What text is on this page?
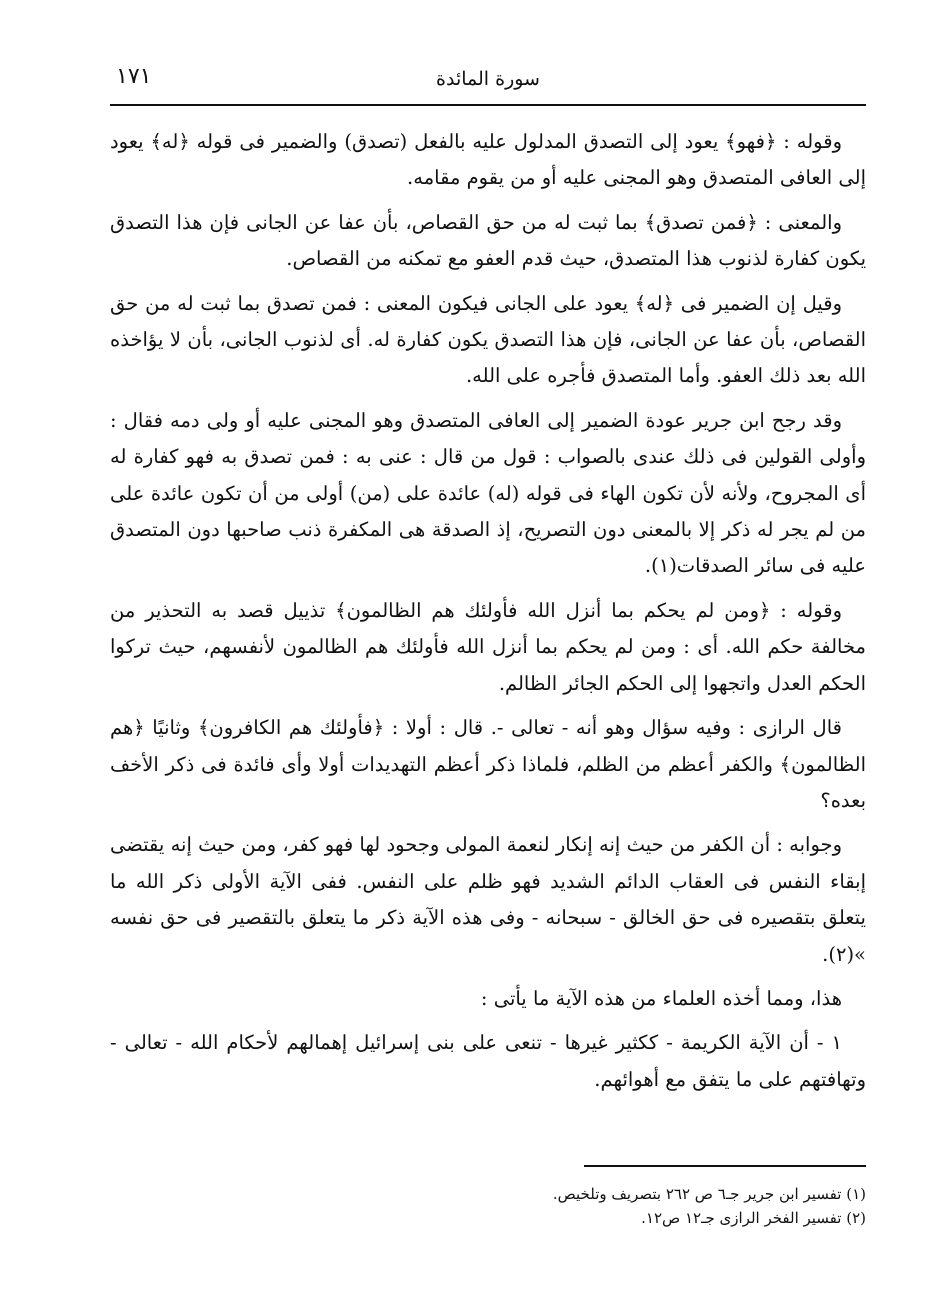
١٧١	سورة المائدة

وقوله : ﴿فهو﴾ يعود إلى التصدق المدلول عليه بالفعل (تصدق) والضمير فى قوله ﴿له﴾ يعود إلى العافى المتصدق وهو المجنى عليه أو من يقوم مقامه.

والمعنى : ﴿فمن تصدق﴾ بما ثبت له من حق القصاص، بأن عفا عن الجانى فإن هذا التصدق يكون كفارة لذنوب هذا المتصدق، حيث قدم العفو مع تمكنه من القصاص.

وقيل إن الضمير فى ﴿له﴾ يعود على الجانى فيكون المعنى : فمن تصدق بما ثبت له من حق القصاص، بأن عفا عن الجانى، فإن هذا التصدق يكون كفارة له. أى لذنوب الجانى، بأن لا يؤاخذه الله بعد ذلك العفو. وأما المتصدق فأجره على الله.

وقد رجح ابن جرير عودة الضمير إلى العافى المتصدق وهو المجنى عليه أو ولى دمه فقال : وأولى القولين فى ذلك عندى بالصواب : قول من قال : عنى به : فمن تصدق به فهو كفارة له أى المجروح، ولأنه لأن تكون الهاء فى قوله (له) عائدة على (من) أولى من أن تكون عائدة على من لم يجر له ذكر إلا بالمعنى دون التصريح، إذ الصدقة هى المكفرة ذنب صاحبها دون المتصدق عليه فى سائر الصدقات(١).

وقوله : ﴿ومن لم يحكم بما أنزل الله فأولئك هم الظالمون﴾ تذييل قصد به التحذير من مخالفة حكم الله. أى : ومن لم يحكم بما أنزل الله فأولئك هم الظالمون لأنفسهم، حيث تركوا الحكم العدل واتجهوا إلى الحكم الجائر الظالم.

قال الرازى : وفيه سؤال وهو أنه - تعالى -. قال : أولا : ﴿فأولئك هم الكافرون﴾ وثانيًا ﴿هم الظالمون﴾ والكفر أعظم من الظلم، فلماذا ذكر أعظم التهديدات أولا وأى فائدة فى ذكر الأخف بعده؟

وجوابه : أن الكفر من حيث إنه إنكار لنعمة المولى وجحود لها فهو كفر، ومن حيث إنه يقتضى إبقاء النفس فى العقاب الدائم الشديد فهو ظلم على النفس. ففى الآية الأولى ذكر الله ما يتعلق بتقصيره فى حق الخالق - سبحانه - وفى هذه الآية ذكر ما يتعلق بالتقصير فى حق نفسه »(٢).

هذا، ومما أخذه العلماء من هذه الآية ما يأتى :

١ - أن الآية الكريمة - ككثير غيرها - تنعى على بنى إسرائيل إهمالهم لأحكام الله - تعالى - وتهافتهم على ما يتفق مع أهوائهم.

(١) تفسير ابن جرير جـ٦ ص ٢٦٢ بتصريف وتلخيص.

(٢) تفسير الفخر الرازى جـ١٢ ص١٢.
